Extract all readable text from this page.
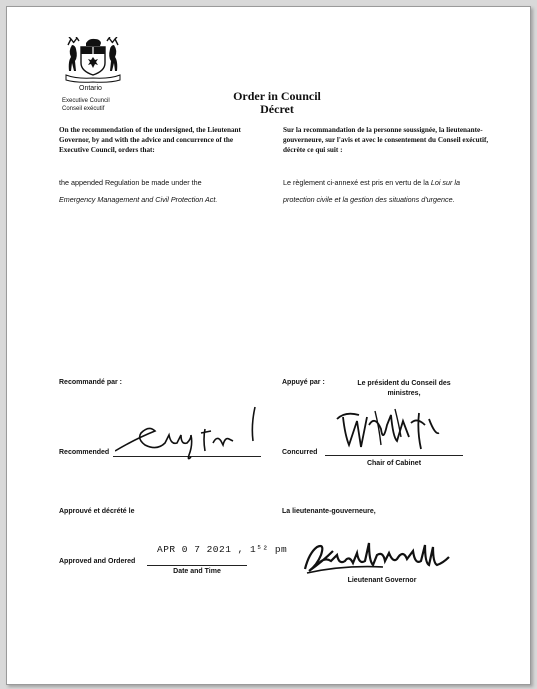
Ontario
Executive Council
Conseil exécutif
Order in Council
Décret
On the recommendation of the undersigned, the Lieutenant Governor, by and with the advice and concurrence of the Executive Council, orders that:
Sur la recommandation de la personne soussignée, la lieutenante-gouverneure, sur l'avis et avec le consentement du Conseil exécutif, décrète ce qui suit :
the appended Regulation be made under the
Emergency Management and Civil Protection Act.
Le règlement ci-annexé est pris en vertu de la Loi sur la protection civile et la gestion des situations d'urgence.
Recommandé par :
Recommended
Appuyé par :	Le président du Conseil des ministres,
Concurred
Chair of Cabinet
Approuvé et décrété le
Approved and Ordered
APR 0 7 2021 , 1⁵² pm
Date and Time
La lieutenante-gouverneure,
Lieutenant Governor
